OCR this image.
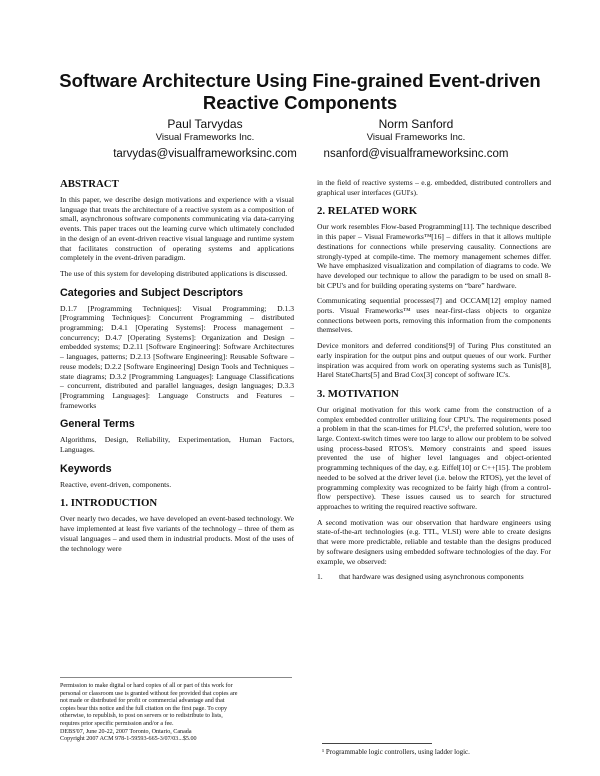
Software Architecture Using Fine-grained Event-driven
Reactive Components
Paul Tarvydas
Visual Frameworks Inc.
tarvydas@visualframeworksinc.com
Norm Sanford
Visual Frameworks Inc.
nsanford@visualframeworksinc.com
ABSTRACT

In this paper, we describe design motivations and experience with a visual language that treats the architecture of a reactive system as a composition of small, asynchronous software components communicating via data-carrying events. This paper traces out the learning curve which ultimately concluded in the design of an event-driven reactive visual language and runtime system that facilitates construction of operating systems and applications completely in the event-driven paradigm.

The use of this system for developing distributed applications is discussed.

Categories and Subject Descriptors

D.1.7 [Programming Techniques]: Visual Programming; D.1.3 [Programming Techniques]: Concurrent Programming – distributed programming; D.4.1 [Operating Systems]: Process management – concurrency; D.4.7 [Operating Systems]: Organization and Design – embedded systems; D.2.11 [Software Engineering]: Software Architectures – languages, patterns; D.2.13 [Software Engineering]: Reusable Software – reuse models; D.2.2 [Software Engineering] Design Tools and Techniques – state diagrams; D.3.2 [Programming Languages]: Language Classifications – concurrent, distributed and parallel languages, design languages; D.3.3 [Programming Languages]: Language Constructs and Features – frameworks

General Terms

Algorithms, Design, Reliability, Experimentation, Human Factors, Languages.

Keywords

Reactive, event-driven, components.

1. INTRODUCTION

Over nearly two decades, we have developed an event-based technology. We have implemented at least five variants of the technology – three of them as visual languages – and used them in industrial products. Most of the uses of the technology were

Permission to make digital or hard copies of all or part of this work for
personal or classroom use is granted without fee provided that copies are
not made or distributed for profit or commercial advantage and that
copies bear this notice and the full citation on the first page. To copy
otherwise, to republish, to post on servers or to redistribute to lists,
requires prior specific permission and/or a fee.
DEBS'07, June 20-22, 2007 Toronto, Ontario, Canada
Copyright 2007 ACM 978-1-59593-665-3/07/03...$5.00

in the field of reactive systems – e.g. embedded, distributed controllers and graphical user interfaces (GUI's).

2. RELATED WORK

Our work resembles Flow-based Programming[11]. The technique described in this paper – Visual Frameworks™[16] – differs in that it allows multiple destinations for connections while preserving causality. Connections are strongly-typed at compile-time. The memory management schemes differ. We have emphasized visualization and compilation of diagrams to code. We have developed our technique to allow the paradigm to be used on small 8-bit CPU's and for building operating systems on “bare” hardware.

Communicating sequential processes[7] and OCCAM[12] employ named ports. Visual Frameworks™ uses near-first-class objects to organize connections between ports, removing this information from the components themselves.

Device monitors and deferred conditions[9] of Turing Plus constituted an early inspiration for the output pins and output queues of our work. Further inspiration was acquired from work on operating systems such as Tunis[8], Harel StateCharts[5] and Brad Cox[3] concept of software IC's.

3. MOTIVATION

Our original motivation for this work came from the construction of a complex embedded controller utilizing four CPU's. The requirements posed a problem in that the scan-times for PLC's¹, the preferred solution, were too large. Context-switch times were too large to allow our problem to be solved using process-based RTOS's. Memory constraints and speed issues prevented the use of higher level languages and object-oriented programming techniques of the day, e.g. Eiffel[10] or C++[15]. The problem needed to be solved at the driver level (i.e. below the RTOS), yet the level of programming complexity was recognized to be fairly high (from a control-flow perspective). These issues caused us to search for structured approaches to writing the required reactive software.

A second motivation was our observation that hardware engineers using state-of-the-art technologies (e.g. TTL, VLSI) were able to create designs that were more predictable, reliable and testable than the designs produced by software designers using embedded software technologies of the day. For example, we observed:

1.	that hardware was designed using asynchronous components
¹ Programmable logic controllers, using ladder logic.
